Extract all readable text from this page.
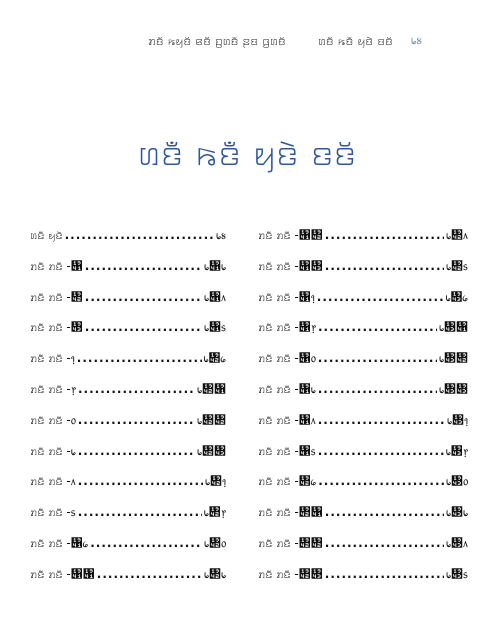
ꤊꤢꤪ ꤒꤟꤢꤩ ꤕꤢꤪ ꤑꤛꤢꤪ ꤔꤢ ꤞꤛꤢꤩ ꤛꤢꤪ ꤒꤢꤪ ꤟꤢꤧ ꤢꤢꤩ ᥇᥍
ꤛꤢꤪ ꤒꤢꤪ ꤟꤢꤧ ꤢꤢꤩ
ꤛꤢꤪ ꤟꤢꤧ .....	᥇᥍
ꤊꤢꤪ ꤊꤢꤪ -᥁ .....	᥇᥁᥇
ꤊꤢꤪ ꤊꤢꤪ -᥂ .....	᥇᥁᥈
ꤊꤢꤪ ꤊꤢꤪ -᥃ .....	᥇᥁᥉
ꤊꤢꤪ ꤊꤢꤪ -᥄ .....	᥇᥂᥀
ꤊꤢꤪ ꤊꤢꤪ -᥅ .....	᥇᥂᥁
ꤊꤢꤪ ꤊꤢꤪ -᥆ .....	᥇᥂᥂
ꤊꤢꤪ ꤊꤢꤪ -᥇ .....	᥇᥂᥃
ꤊꤢꤪ ꤊꤢꤪ -᥈ .....	᥇᥂᥄
ꤊꤢꤪ ꤊꤢꤪ -᥉ .....	᥇᥂᥅
ꤊꤢꤪ ꤊꤢꤪ -᥁᥀ .....	᥇᥂᥆
ꤊꤢꤪ ꤊꤢꤪ -᥁᥁ .....	᥇᥂᥇
ꤊꤢꤪ ꤊꤢꤪ -᥁᥂ .....	᥇᥂᥈
ꤊꤢꤪ ꤊꤢꤪ -᥁᥃ .....	᥇᥂᥉
ꤊꤢꤪ ꤊꤢꤪ -᥁᥄ .....	᥇᥃᥀
ꤊꤢꤪ ꤊꤢꤪ -᥁᥅ .....	᥇᥃᥁
ꤊꤢꤪ ꤊꤢꤪ -᥁᥆ .....	᥇᥃᥂
ꤊꤢꤪ ꤊꤢꤪ -᥁᥇ .....	᥇᥃᥃
ꤊꤢꤪ ꤊꤢꤪ -᥁᥈ .....	᥇᥃᥄
ꤊꤢꤪ ꤊꤢꤪ -᥁᥉ .....	᥇᥃᥅
ꤊꤢꤪ ꤊꤢꤪ -᥂᥀ .....	᥇᥃᥆
ꤊꤢꤪ ꤊꤢꤪ -᥂᥁ .....	᥇᥃᥇
ꤊꤢꤪ ꤊꤢꤪ -᥂᥂ .....	᥇᥃᥈
ꤊꤢꤪ ꤊꤢꤪ -᥂᥃ .....	᥇᥃᥉
